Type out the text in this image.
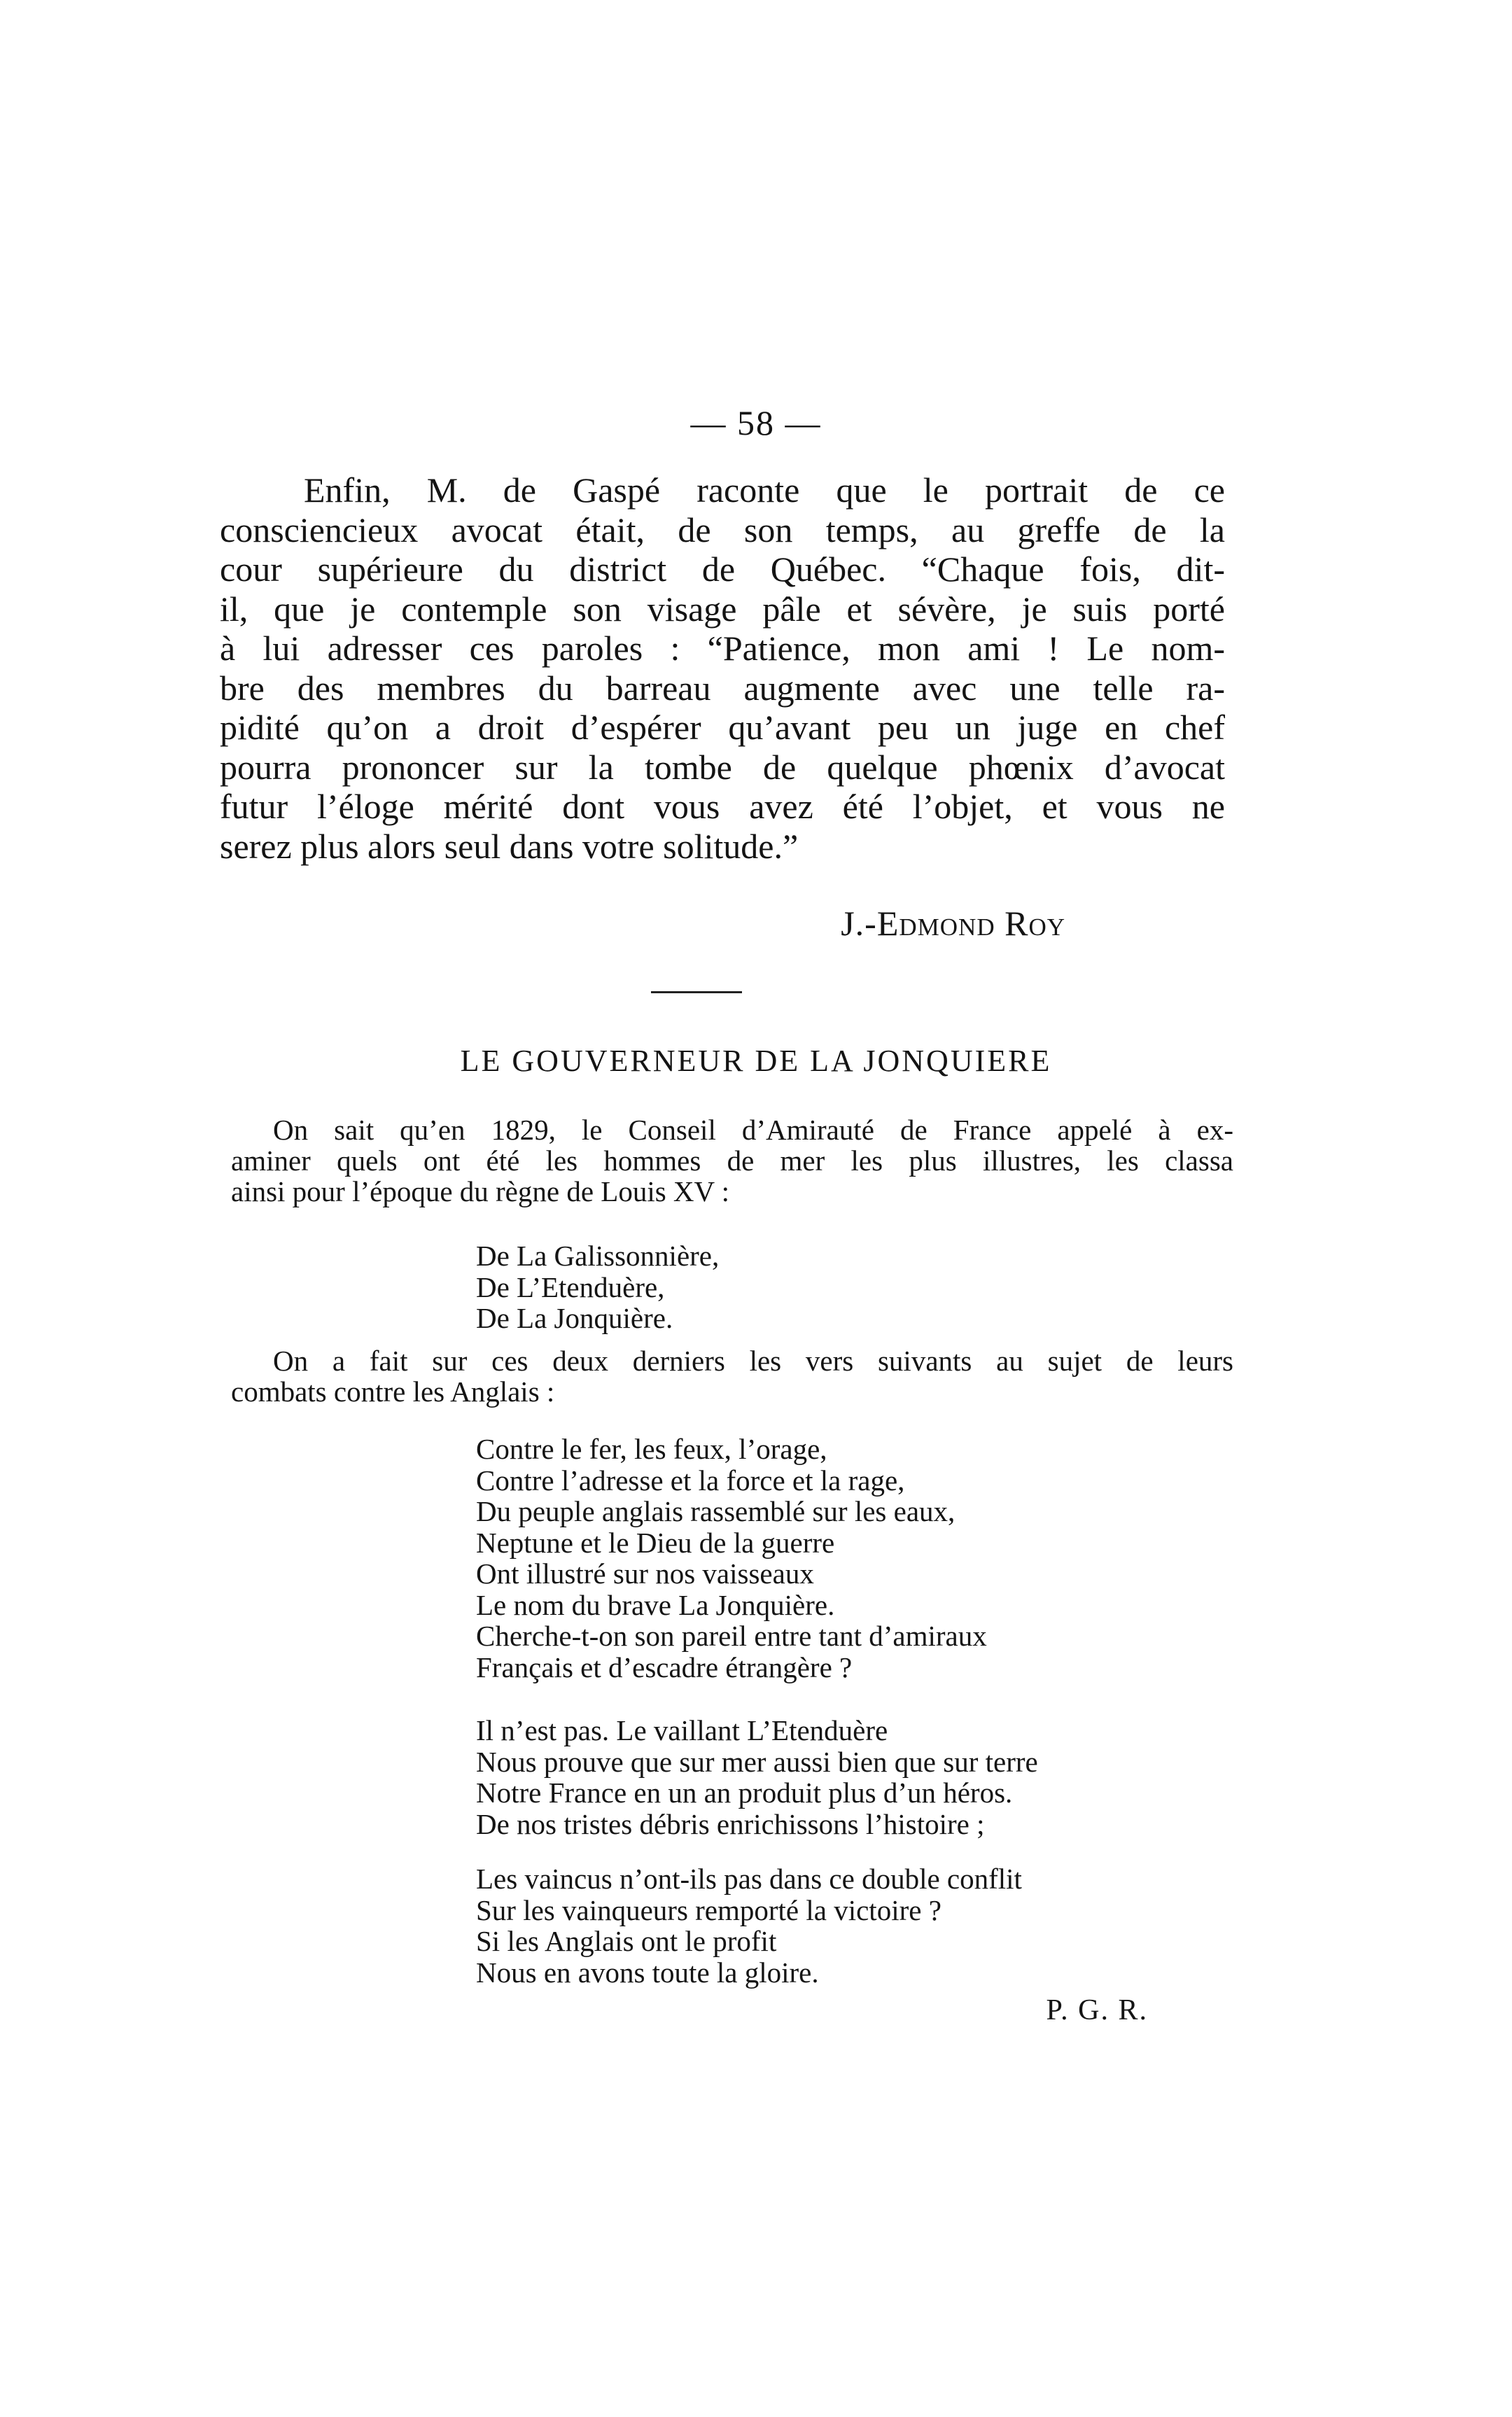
— 58 —
Enfin, M. de Gaspé raconte que le portrait de ce
consciencieux avocat était, de son temps, au greffe de la
cour supérieure du district de Québec. “Chaque fois, dit-
il, que je contemple son visage pâle et sévère, je suis porté
à lui adresser ces paroles : “Patience, mon ami ! Le nom-
bre des membres du barreau augmente avec une telle ra-
pidité qu’on a droit d’espérer qu’avant peu un juge en chef
pourra prononcer sur la tombe de quelque phœnix d’avocat
futur l’éloge mérité dont vous avez été l’objet, et vous ne
serez plus alors seul dans votre solitude.”
J.-Edmond Roy
LE GOUVERNEUR DE LA JONQUIERE
On sait qu’en 1829, le Conseil d’Amirauté de France appelé à ex-
aminer quels ont été les hommes de mer les plus illustres, les classa
ainsi pour l’époque du règne de Louis XV :
De La Galissonnière,
De L’Etenduère,
De La Jonquière.
On a fait sur ces deux derniers les vers suivants au sujet de leurs
combats contre les Anglais :
Contre le fer, les feux, l’orage,
Contre l’adresse et la force et la rage,
Du peuple anglais rassemblé sur les eaux,
Neptune et le Dieu de la guerre
Ont illustré sur nos vaisseaux
Le nom du brave La Jonquière.
Cherche-t-on son pareil entre tant d’amiraux
Français et d’escadre étrangère ?
Il n’est pas. Le vaillant L’Etenduère
Nous prouve que sur mer aussi bien que sur terre
Notre France en un an produit plus d’un héros.
De nos tristes débris enrichissons l’histoire ;
Les vaincus n’ont-ils pas dans ce double conflit
Sur les vainqueurs remporté la victoire ?
Si les Anglais ont le profit
Nous en avons toute la gloire.
P. G. R.
